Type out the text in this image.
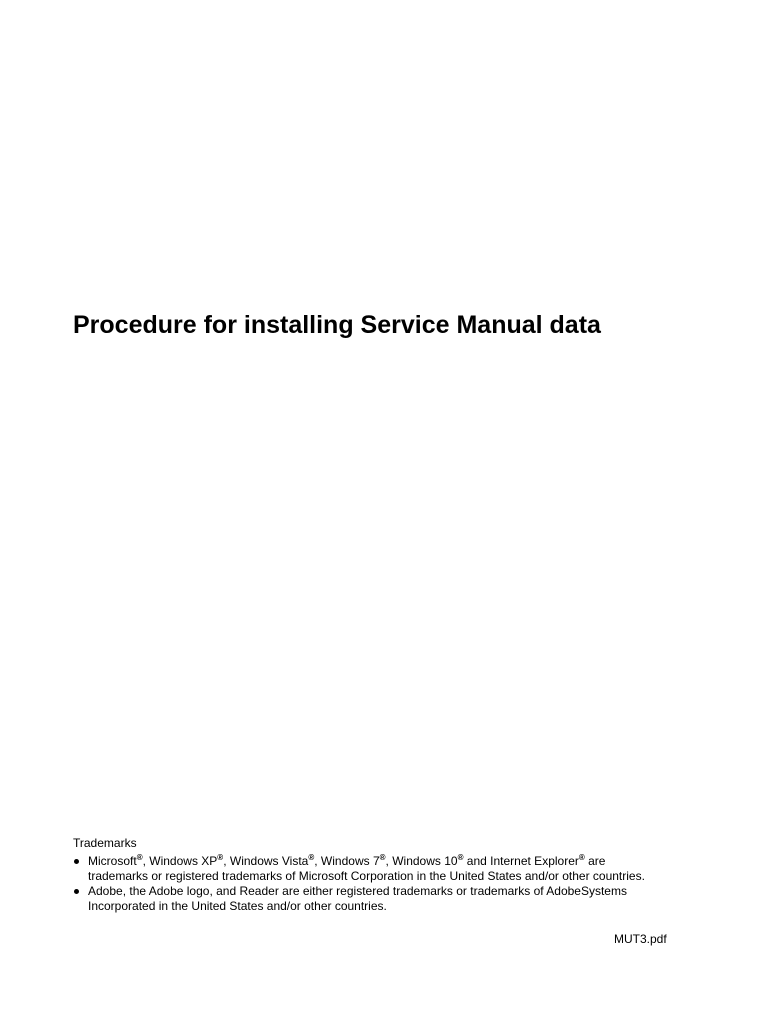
Procedure for installing Service Manual data
Trademarks
Microsoft®, Windows XP®, Windows Vista®, Windows 7®, Windows 10® and Internet Explorer® are
trademarks or registered trademarks of Microsoft Corporation in the United States and/or other countries.
Adobe, the Adobe logo, and Reader are either registered trademarks or trademarks of AdobeSystems
Incorporated in the United States and/or other countries.
MUT3.pdf
